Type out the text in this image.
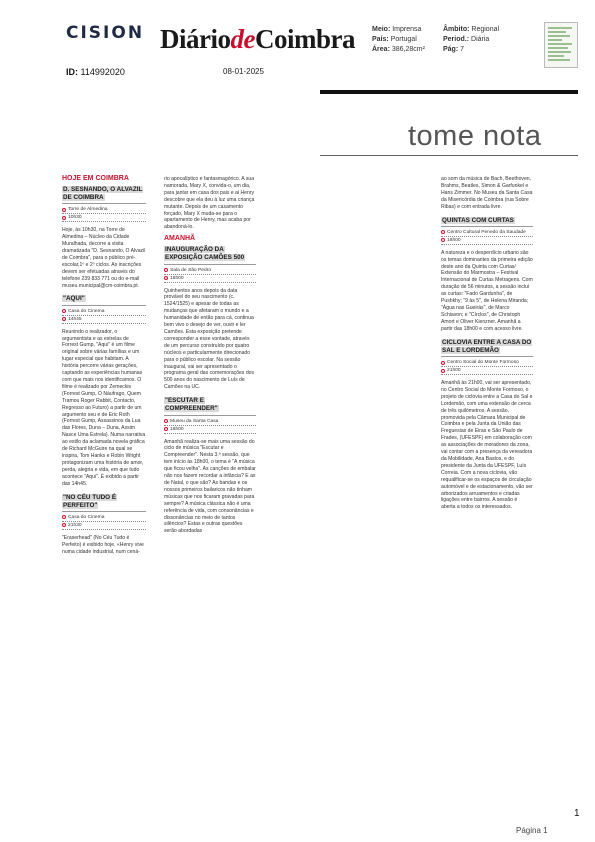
CISION DiáriodeCoimbra Meio: Imprensa
País: Portugal
Área: 386,28cm²
Âmbito: Regional
Period.: Diária
Pág: 7
ID: 114992020	08-01-2025
tome nota
HOJE EM COIMBRA
D. SESNANDO, O ALVAZIL DE COIMBRA
Torre de Almedina
10h30

Hoje, às 10h30, na Torre de Almedina – Núcleo da Cidade Muralhada, decorre a visita dramatizada "D. Sesnando, O Alvazil de Coimbra", para o público pré-escolar,1º e 2º ciclos. As inscrições devem ser efetuadas através do telefone 239 833 771 ou do e-mail museu.municipal@cm-coimbra.pt.

"AQUI"
Casa do Cinema
14h45

Reunindo o realizador, o argumentista e as estrelas de Forrest Gump, "Aqui" é um filme original sobre várias famílias e um lugar especial que habitam. A história percorre várias gerações, captando as experiências humanas com que mais nos identificamos. O filme é realizado por Zemeckis (Forrest Gump, O Náufrago, Quem Tramou Roger Rabbit, Contacto, Regresso ao Futuro) a partir de um argumento seu e de Eric Roth (Forrest Gump, Assassinos da Lua das Flores, Duna – Duna, Assim Nasce Uma Estrela). Numa narrativa ao estilo da aclamada novela gráfica de Richard McGuire na qual se inspira, Tom Hanks e Robin Wright protagonizam uma história de amor, perda, alegria e vida, em que tudo acontece "Aqui". É exibido a partir das 14h45.

"NO CÉU TUDO É PERFEITO"
Casa do Cinema
21h30

"Eraserhead" (No Céu Tudo é Perfeito) é exibido hoje. «Henry vive numa cidade industrial, num cená-

rio apocalíptico e fantasmagórico. A sua namorada, Mary X, convida-o, um dia, para jantar em casa dos pais e ai Henry descobre que ela deu à luz uma criança mutante. Depois de um casamento forçado, Mary X muda-se para o apartamento de Henry, mas acaba por abandoná-lo.

AMANHÃ
INAUGURAÇÃO DA EXPOSIÇÃO CAMÕES 500
Sala de São Pedro
18h00

Quinhentos anos depois da data provável do seu nascimento (c. 1524/1525) e apesar de todas as mudanças que afetaram o mundo e a humanidade de então para cá, continua bem vivo o desejo de ver, ouvir e ler Camões. Esta exposição pretende corresponder a esse vontade, através de um percurso construído por quatro núcleos e particularmente direcionado para o público escolar. Na sessão inaugural, vai ser apresentado o programa geral das comemorações dos 500 anos do nascimento de Luís de Camões na UC.

"ESCUTAR E COMPREENDER"
Museu da Santa Casa
18h00

Amanhã realiza-se mais uma sessão do ciclo de música "Escutar e Compreender". Nesta 3.ª sessão, que tem início às 18h00, o tema é "A música que ficou velha". As canções de embalar não nos fazem recordar a infância? E as de Natal, o que são? As bandas e os nossos primeiros bailaricos não tinham músicas que nos ficaram gravadas para sempre? A música clássica não é uma referência de vida, com consonâncias e dissonâncias no meio de tantos silêncios? Estas e outras questões serão abordadas

ao som da música de Bach, Beethoven, Brahms, Beatles, Simon & Garfunkel e Hans Zimmer. No Museu da Santa Casa da Misericórdia de Coimbra (rua Sobre Ribas) e com entrada livre.

QUINTAS COM CURTAS
Centro Cultural Penedo da Saudade
18h00

A natureza e o desperdício urbano são os temas dominantes da primeira edição deste ano da Quinta com Curtas/ Extensão do Marmostra – Festival Internacional de Curtas Metragens. Com duração de 56 minutos, a sessão inclui as curtas: "Fado Gardunha", de Pushkhy; "9 às 5", de Helena Miranda; "Água nas Gueirás", de Marco Schiavon; e "Círclos", de Christoph Amort e Oliver Kienzner. Amanhã a partir das 18h00 e com acesso livre.

CICLOVIA ENTRE A CASA DO SAL E LORDEMÃO
Centro Social do Monte Formoso
21h00

Amanhã às 21h00, vai ser apresentado, no Centro Social do Monte Formoso, o projeto de ciclovia entre a Casa do Sal e Lordemão, com uma extensão de cerca de três quilómetros. A sessão, promovida pela Câmara Municipal de Coimbra e pela Junta da União das Freguesias de Eiras e São Paulo de Frades, (UFESPF) em colaboração com as associações de moradores da zona, vai contar com a presença da vereadora da Mobilidade, Ana Bastos, e do presidente da Junta da UFESPF, Luís Correia. Com a nova ciclovia, vão requalificar-se os espaços de circulação automóvel e de estacionamento, vão ser arborizados arruamentos e criadas ligações entre bairros. A sessão é aberta a todos os interessados.

1
Página 1
